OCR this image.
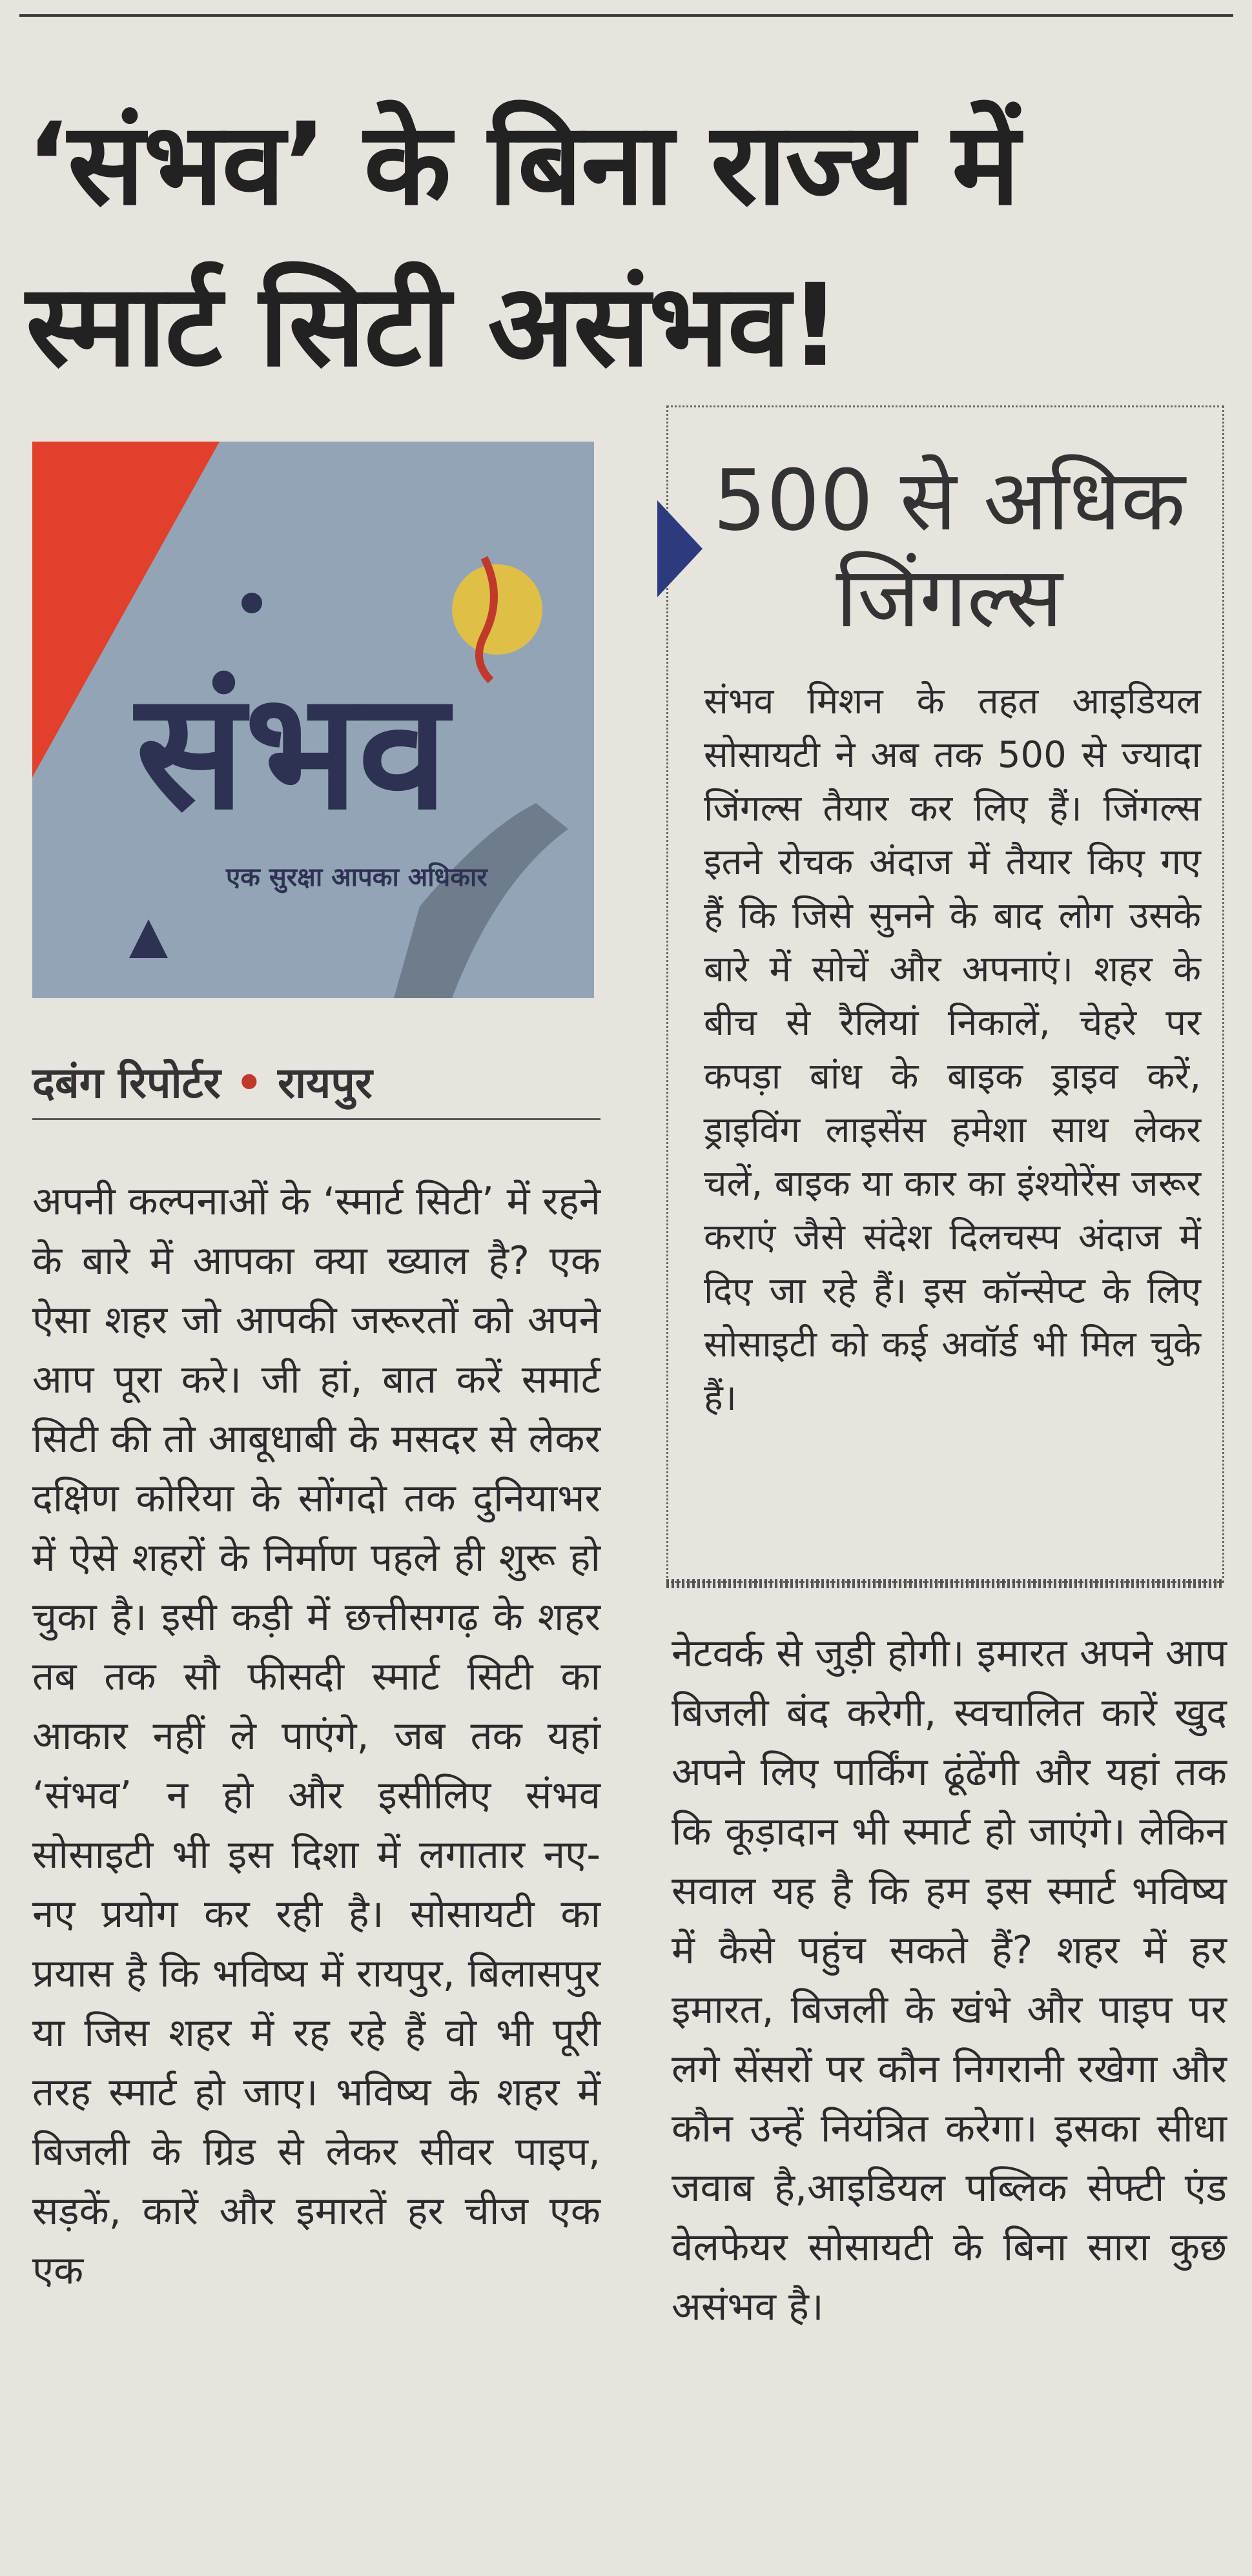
‘संभव’ के बिना राज्य में स्मार्ट सिटी असंभव!
संभव
एक सुरक्षा आपका अधिकार
दबंग रिपोर्टर • रायपुर
अपनी कल्पनाओं के ‘स्मार्ट सिटी’ में रहने के बारे में आपका क्या ख्याल है? एक ऐसा शहर जो आपकी जरूरतों को अपने आप पूरा करे। जी हां, बात करें समार्ट सिटी की तो आबूधाबी के मसदर से लेकर दक्षिण कोरिया के सोंगदो तक दुनियाभर में ऐसे शहरों के निर्माण पहले ही शुरू हो चुका है। इसी कड़ी में छत्तीसगढ़ के शहर तब तक सौ फीसदी स्मार्ट सिटी का आकार नहीं ले पाएंगे, जब तक यहां ‘संभव’ न हो और इसीलिए संभव सोसाइटी भी इस दिशा में लगातार नए-नए प्रयोग कर रही है। सोसायटी का प्रयास है कि भविष्य में रायपुर, बिलासपुर या जिस शहर में रह रहे हैं वो भी पूरी तरह स्मार्ट हो जाए। भविष्य के शहर में बिजली के ग्रिड से लेकर सीवर पाइप, सड़कें, कारें और इमारतें हर चीज एक एक
500 से अधिक जिंगल्स
संभव मिशन के तहत आइडियल सोसायटी ने अब तक 500 से ज्यादा जिंगल्स तैयार कर लिए हैं। जिंगल्स इतने रोचक अंदाज में तैयार किए गए हैं कि जिसे सुनने के बाद लोग उसके बारे में सोचें और अपनाएं। शहर के बीच से रैलियां निकालें, चेहरे पर कपड़ा बांध के बाइक ड्राइव करें, ड्राइविंग लाइसेंस हमेशा साथ लेकर चलें, बाइक या कार का इंश्योरेंस जरूर कराएं जैसे संदेश दिलचस्प अंदाज में दिए जा रहे हैं। इस कॉन्सेप्ट के लिए सोसाइटी को कई अवॉर्ड भी मिल चुके हैं।
नेटवर्क से जुड़ी होगी। इमारत अपने आप बिजली बंद करेगी, स्वचालित कारें खुद अपने लिए पार्किंग ढूंढेंगी और यहां तक कि कूड़ादान भी स्मार्ट हो जाएंगे। लेकिन सवाल यह है कि हम इस स्मार्ट भविष्य में कैसे पहुंच सकते हैं? शहर में हर इमारत, बिजली के खंभे और पाइप पर लगे सेंसरों पर कौन निगरानी रखेगा और कौन उन्हें नियंत्रित करेगा। इसका सीधा जवाब है,आइडियल पब्लिक सेफ्टी एंड वेलफेयर सोसायटी के बिना सारा कुछ असंभव है।
